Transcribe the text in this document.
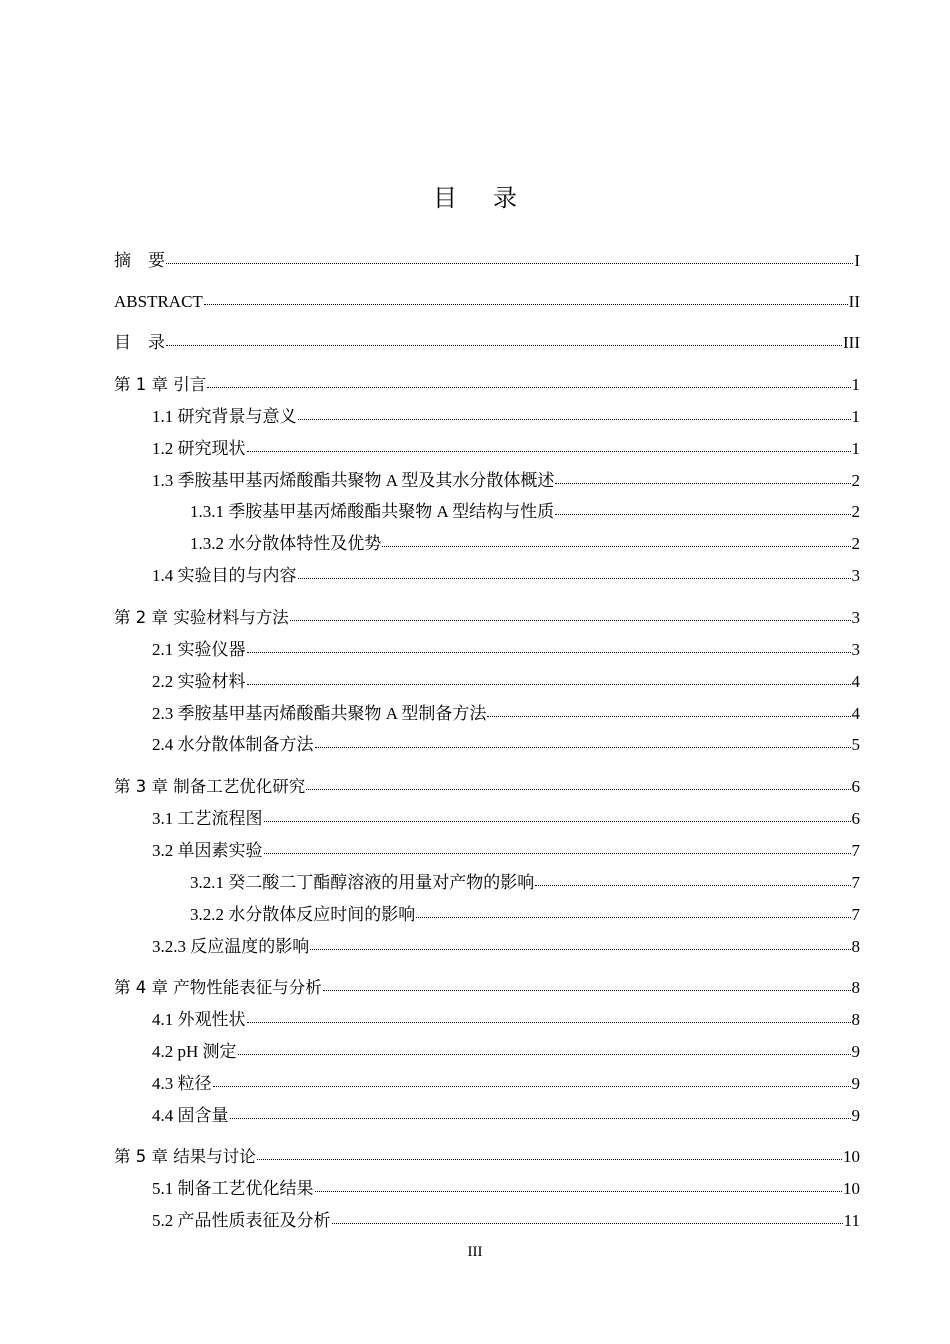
目录
摘　要	I
ABSTRACT	II
目　录	III
第 1 章 引言	1
1.1 研究背景与意义	1
1.2 研究现状	1
1.3 季胺基甲基丙烯酸酯共聚物 A 型及其水分散体概述	2
1.3.1 季胺基甲基丙烯酸酯共聚物 A 型结构与性质	2
1.3.2 水分散体特性及优势	2
1.4 实验目的与内容	3
第 2 章 实验材料与方法	3
2.1 实验仪器	3
2.2 实验材料	4
2.3 季胺基甲基丙烯酸酯共聚物 A 型制备方法	4
2.4 水分散体制备方法	5
第 3 章 制备工艺优化研究	6
3.1 工艺流程图	6
3.2 单因素实验	7
3.2.1 癸二酸二丁酯醇溶液的用量对产物的影响	7
3.2.2 水分散体反应时间的影响	7
3.2.3 反应温度的影响	8
第 4 章 产物性能表征与分析	8
4.1 外观性状	8
4.2 pH 测定	9
4.3 粒径	9
4.4 固含量	9
第 5 章 结果与讨论	10
5.1 制备工艺优化结果	10
5.2 产品性质表征及分析	11
III
